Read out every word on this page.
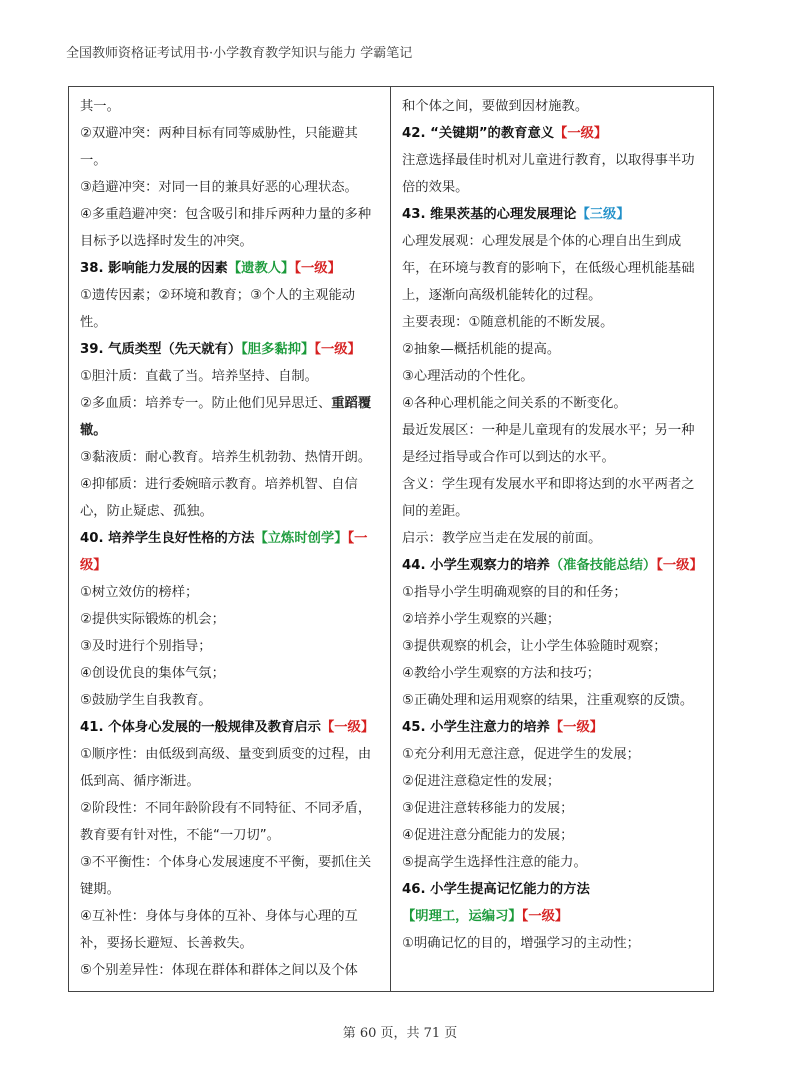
全国教师资格证考试用书·小学教育教学知识与能力 学霸笔记

其一。

②双避冲突：两种目标有同等威胁性，只能避其一。

③趋避冲突：对同一目的兼具好恶的心理状态。

④多重趋避冲突：包含吸引和排斥两种力量的多种目标予以选择时发生的冲突。

38. 影响能力发展的因素【遗教人】【一级】

①遗传因素；②环境和教育；③个人的主观能动性。

39. 气质类型（先天就有）【胆多黏抑】【一级】

①胆汁质：直截了当。培养坚持、自制。

②多血质：培养专一。防止他们见异思迁、重蹈覆辙。

③黏液质：耐心教育。培养生机勃勃、热情开朗。

④抑郁质：进行委婉暗示教育。培养机智、自信心，防止疑虑、孤独。

40. 培养学生良好性格的方法【立炼时创学】【一级】

①树立效仿的榜样；

②提供实际锻炼的机会；

③及时进行个别指导；

④创设优良的集体气氛；

⑤鼓励学生自我教育。

41. 个体身心发展的一般规律及教育启示【一级】

①顺序性：由低级到高级、量变到质变的过程，由低到高、循序渐进。

②阶段性：不同年龄阶段有不同特征、不同矛盾，教育要有针对性，不能“一刀切”。

③不平衡性：个体身心发展速度不平衡，要抓住关键期。

④互补性：身体与身体的互补、身体与心理的互补，要扬长避短、长善救失。

⑤个别差异性：体现在群体和群体之间以及个体

和个体之间，要做到因材施教。

42. “关键期”的教育意义【一级】

注意选择最佳时机对儿童进行教育，以取得事半功倍的效果。

43. 维果茨基的心理发展理论【三级】

心理发展观：心理发展是个体的心理自出生到成年，在环境与教育的影响下，在低级心理机能基础上，逐渐向高级机能转化的过程。

主要表现：①随意机能的不断发展。

②抽象—概括机能的提高。

③心理活动的个性化。

④各种心理机能之间关系的不断变化。

最近发展区：一种是儿童现有的发展水平；另一种是经过指导或合作可以到达的水平。

含义：学生现有发展水平和即将达到的水平两者之间的差距。

启示：教学应当走在发展的前面。

44. 小学生观察力的培养（准备技能总结）【一级】

①指导小学生明确观察的目的和任务；

②培养小学生观察的兴趣；

③提供观察的机会，让小学生体验随时观察；

④教给小学生观察的方法和技巧；

⑤正确处理和运用观察的结果，注重观察的反馈。

45. 小学生注意力的培养【一级】

①充分利用无意注意，促进学生的发展；

②促进注意稳定性的发展；

③促进注意转移能力的发展；

④促进注意分配能力的发展；

⑤提高学生选择性注意的能力。

46. 小学生提高记忆能力的方法【明理工，运编习】【一级】

①明确记忆的目的，增强学习的主动性；

第 60 页，共 71 页
